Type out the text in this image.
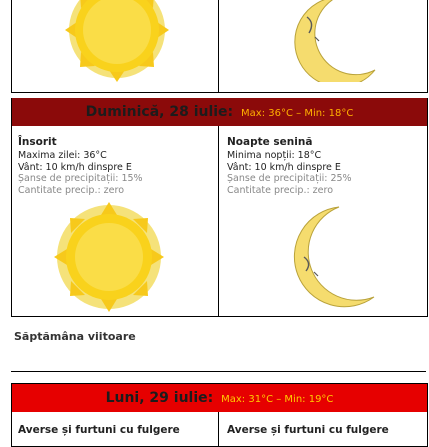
Duminică, 28 iulie: Max: 36°C – Min: 18°C
Însorit
Maxima zilei: 36°C
Vânt: 10 km/h dinspre E
Șanse de precipitații: 15%
Cantitate precip.: zero
Noapte senină
Minima nopții: 18°C
Vânt: 10 km/h dinspre E
Șanse de precipitații: 25%
Cantitate precip.: zero
Săptămâna viitoare
Luni, 29 iulie: Max: 31°C – Min: 19°C
Averse și furtuni cu fulgere	Averse și furtuni cu fulgere
